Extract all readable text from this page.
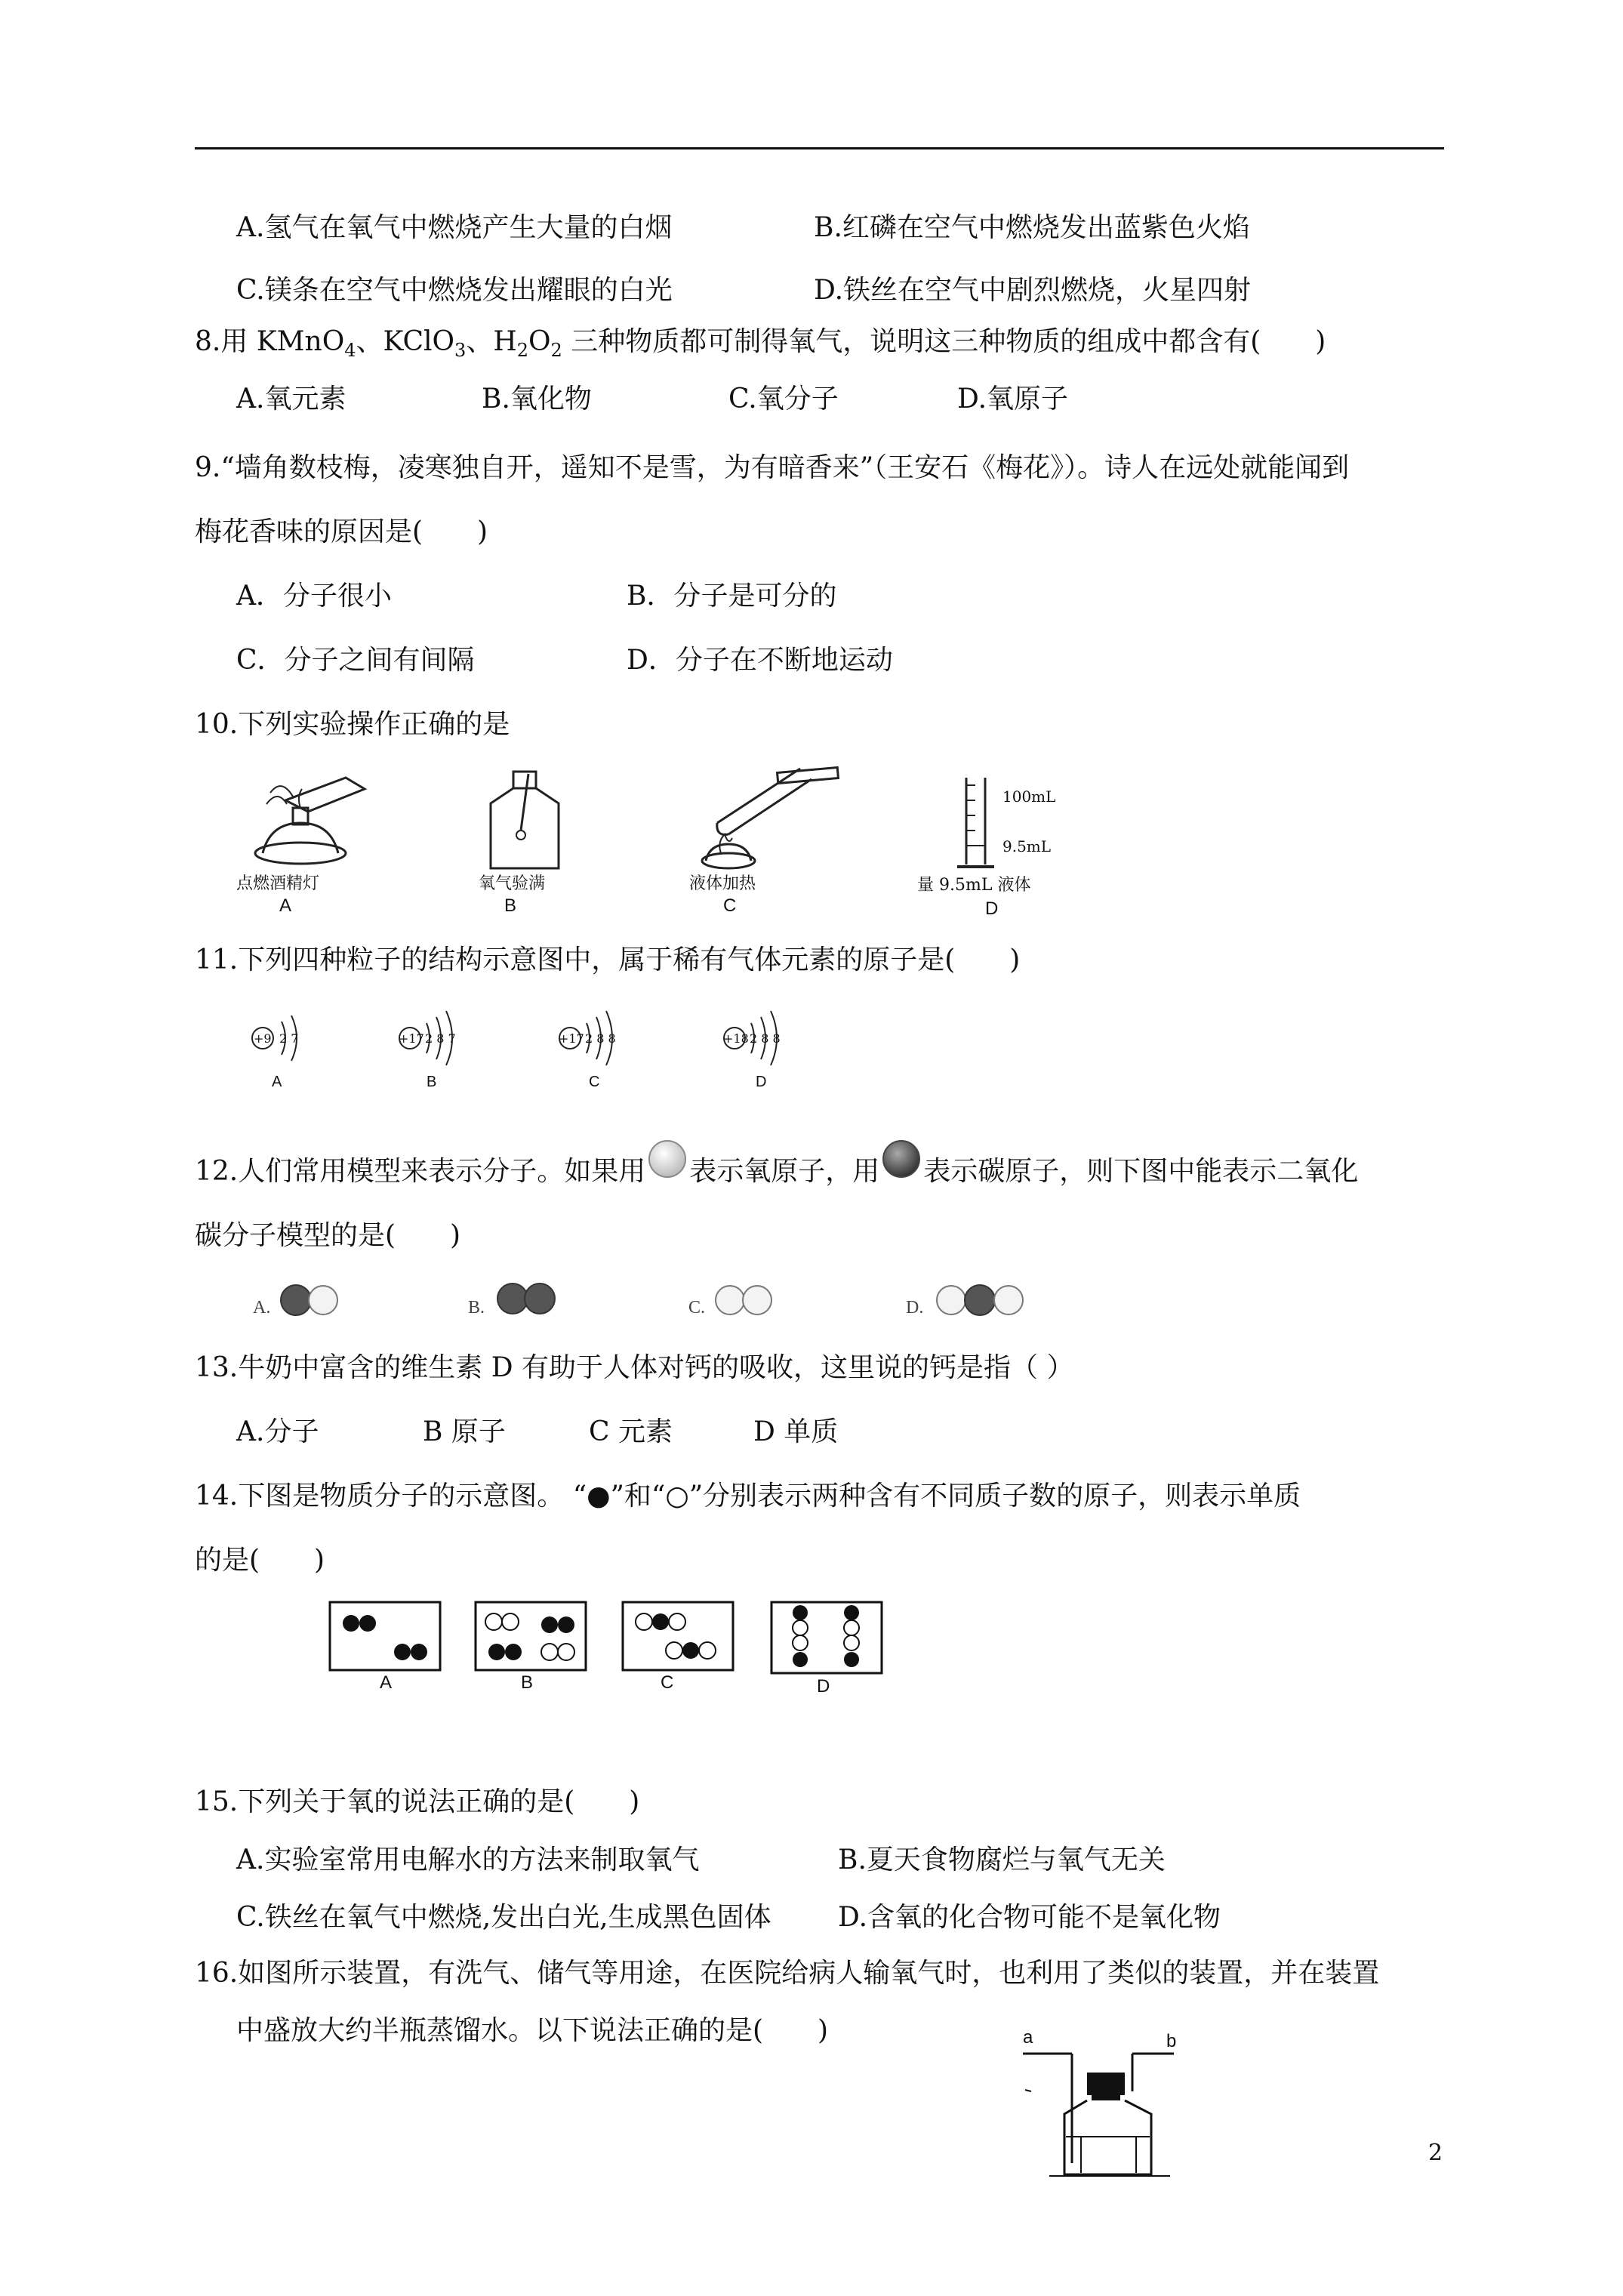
A.氢气在氧气中燃烧产生大量的白烟	B.红磷在空气中燃烧发出蓝紫色火焰
C.镁条在空气中燃烧发出耀眼的白光	D.铁丝在空气中剧烈燃烧，火星四射
8.用 KMnO$_4$、KClO$_3$、$H_2O_2$ 三种物质都可制得氧气，说明这三种物质的组成中都含有(　　)
A.氧元素	B.氧化物	C.氧分子	D.氧原子
9.“墙角数枝梅，凌寒独自开，遥知不是雪，为有暗香来”（王安石《梅花》）。诗人在远处就能闻到
梅花香味的原因是(　　)
A．分子很小	B．分子是可分的
C．分子之间有间隔	D．分子在不断地运动
10.下列实验操作正确的是
点燃酒精灯
A
氧气验满
B
液体加热
C
100mL
9.5mL
量 9.5mL 液体
D
11.下列四种粒子的结构示意图中，属于稀有气体元素的原子是(　　)
+9 2 7
A
+17 2 8 7
B
+17 2 8 8
C
+18 2 8 8
D
12.人们常用模型来表示分子。如果用 表示氧原子，用 表示碳原子，则下图中能表示二氧化
碳分子模型的是(　　)
A.	B.	C.	D.
13.牛奶中富含的维生素 D 有助于人体对钙的吸收，这里说的钙是指（ ）
A.分子	B 原子	C 元素	D 单质
14.下图是物质分子的示意图。 “●”和“○”分别表示两种含有不同质子数的原子，则表示单质
的是(　　)
A	B	C	D
15.下列关于氧的说法正确的是(　　)
A.实验室常用电解水的方法来制取氧气	B.夏天食物腐烂与氧气无关
C.铁丝在氧气中燃烧,发出白光,生成黑色固体 D.含氧的化合物可能不是氧化物
16.如图所示装置，有洗气、储气等用途，在医院给病人输氧气时，也利用了类似的装置，并在装置
中盛放大约半瓶蒸馏水。以下说法正确的是(　　)	a	b
2
